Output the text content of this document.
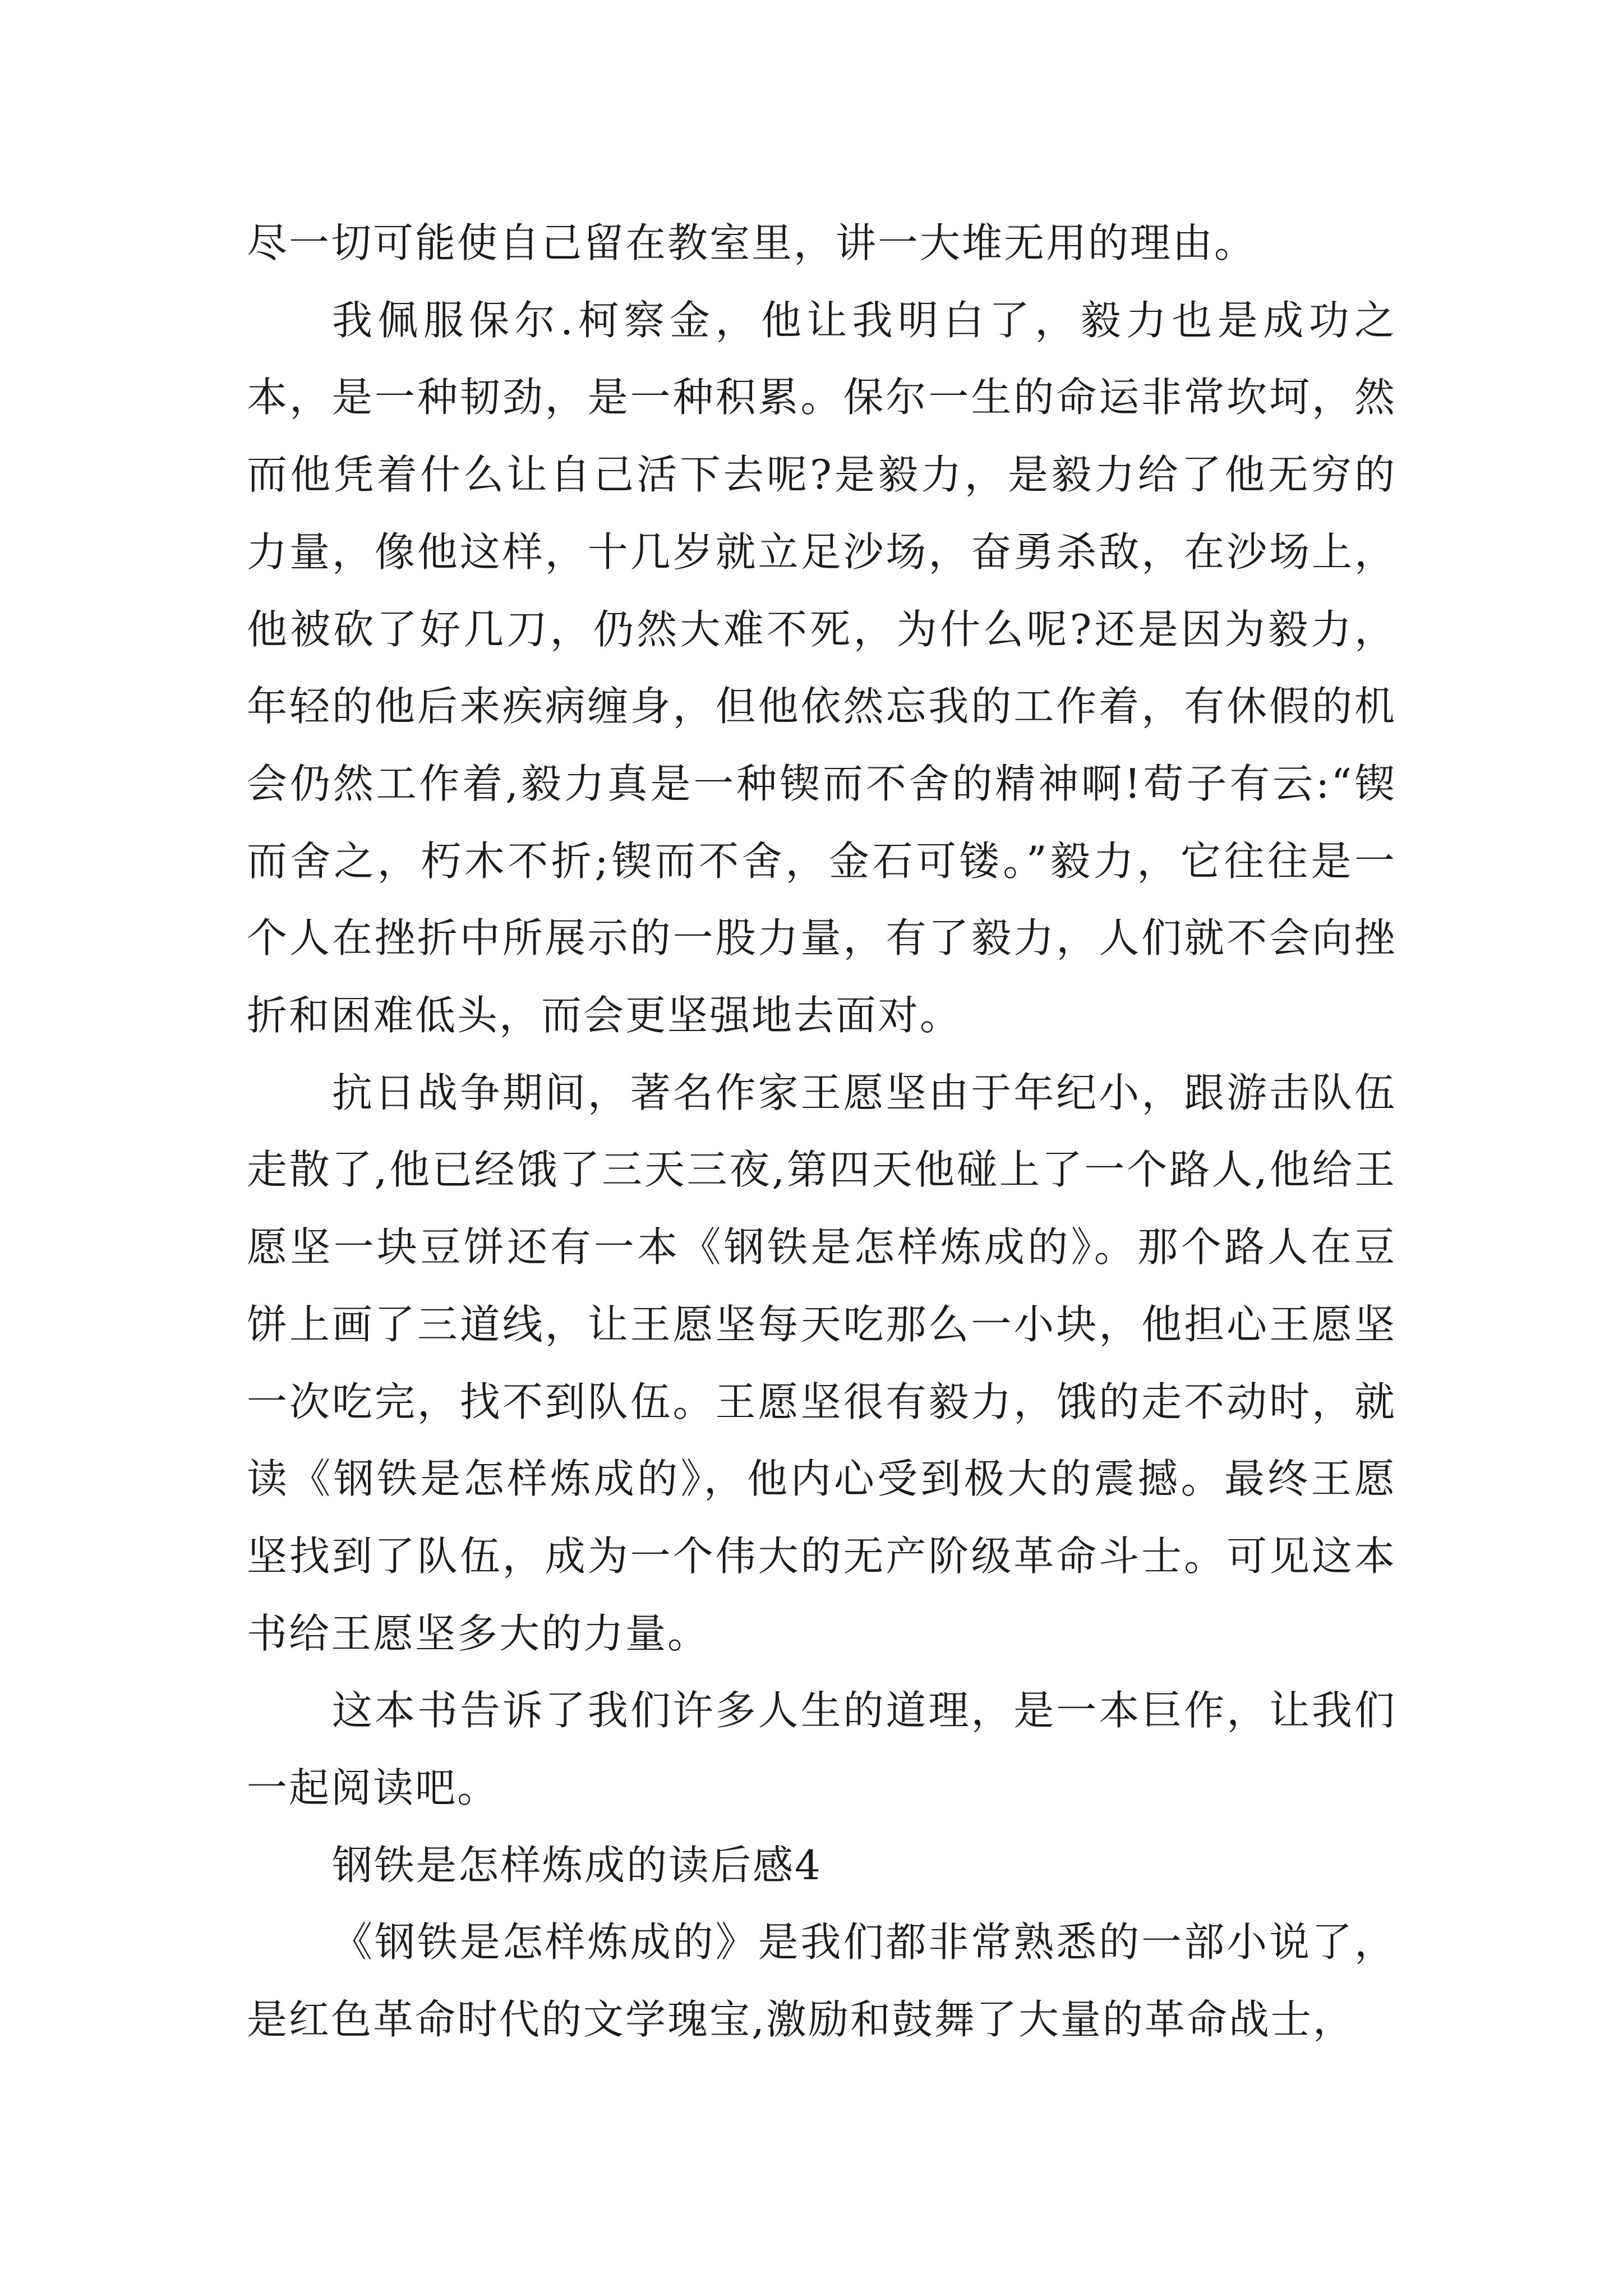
尽一切可能使自己留在教室里，讲一大堆无用的理由。

我佩服保尔.柯察金，他让我明白了，毅力也是成功之本，是一种韧劲，是一种积累。保尔一生的命运非常坎坷，然而他凭着什么让自己活下去呢?是毅力，是毅力给了他无穷的力量，像他这样，十几岁就立足沙场，奋勇杀敌，在沙场上，他被砍了好几刀，仍然大难不死，为什么呢?还是因为毅力，年轻的他后来疾病缠身，但他依然忘我的工作着，有休假的机会仍然工作着,毅力真是一种锲而不舍的精神啊!荀子有云:“锲而舍之，朽木不折;锲而不舍，金石可镂。”毅力，它往往是一个人在挫折中所展示的一股力量，有了毅力，人们就不会向挫折和困难低头，而会更坚强地去面对。

抗日战争期间，著名作家王愿坚由于年纪小，跟游击队伍走散了,他已经饿了三天三夜,第四天他碰上了一个路人,他给王愿坚一块豆饼还有一本《钢铁是怎样炼成的》。那个路人在豆饼上画了三道线，让王愿坚每天吃那么一小块，他担心王愿坚一次吃完，找不到队伍。王愿坚很有毅力，饿的走不动时，就读《钢铁是怎样炼成的》，他内心受到极大的震撼。最终王愿坚找到了队伍，成为一个伟大的无产阶级革命斗士。可见这本书给王愿坚多大的力量。

这本书告诉了我们许多人生的道理，是一本巨作，让我们一起阅读吧。

钢铁是怎样炼成的读后感4

《钢铁是怎样炼成的》是我们都非常熟悉的一部小说了，是红色革命时代的文学瑰宝,激励和鼓舞了大量的革命战士，
